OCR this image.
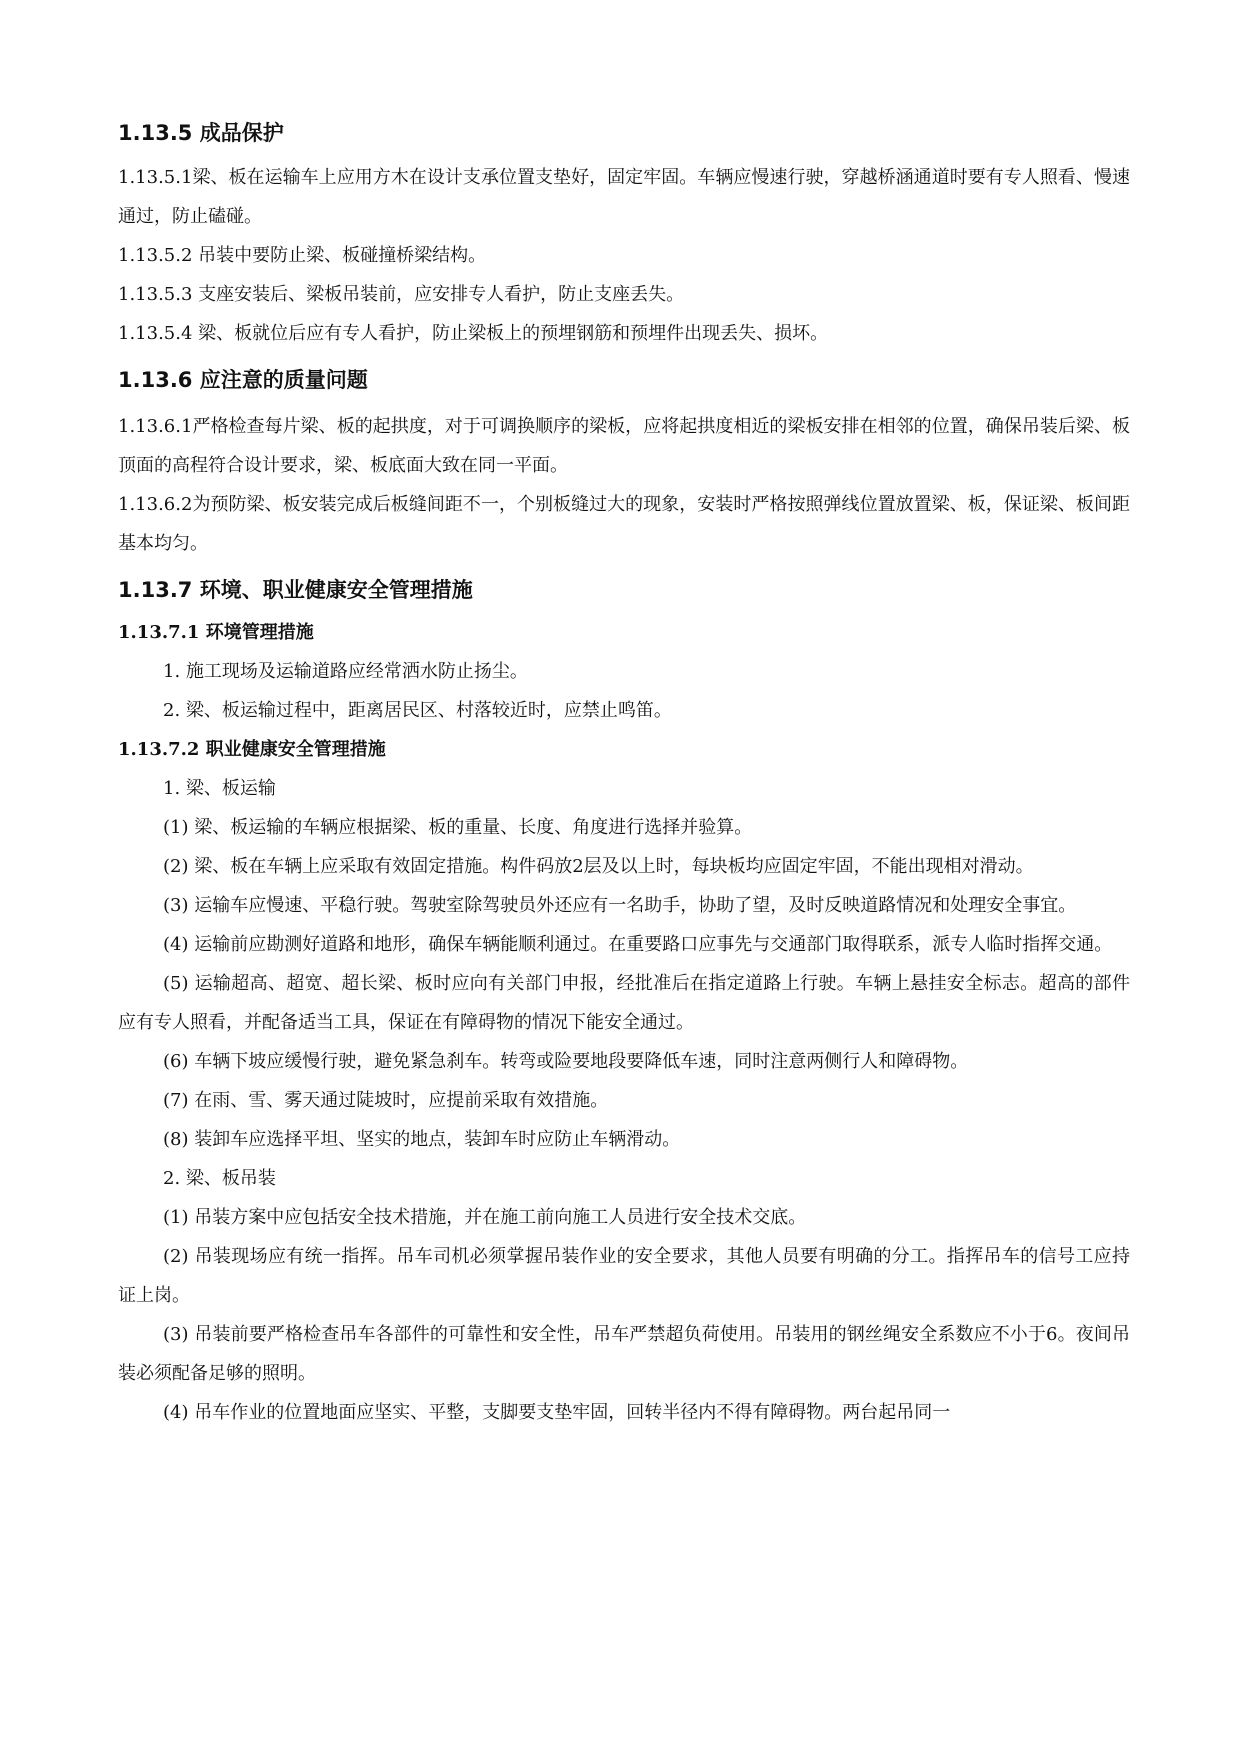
1.13.5 成品保护

1.13.5.1梁、板在运输车上应用方木在设计支承位置支垫好，固定牢固。车辆应慢速行驶，穿越桥涵通道时要有专人照看、慢速通过，防止磕碰。

1.13.5.2 吊装中要防止梁、板碰撞桥梁结构。

1.13.5.3 支座安装后、梁板吊装前，应安排专人看护，防止支座丢失。

1.13.5.4 梁、板就位后应有专人看护，防止梁板上的预埋钢筋和预埋件出现丢失、损坏。

1.13.6 应注意的质量问题

1.13.6.1严格检查每片梁、板的起拱度，对于可调换顺序的梁板，应将起拱度相近的梁板安排在相邻的位置，确保吊装后梁、板顶面的高程符合设计要求，梁、板底面大致在同一平面。

1.13.6.2为预防梁、板安装完成后板缝间距不一，个别板缝过大的现象，安装时严格按照弹线位置放置梁、板，保证梁、板间距基本均匀。

1.13.7 环境、职业健康安全管理措施

1.13.7.1 环境管理措施

1. 施工现场及运输道路应经常洒水防止扬尘。

2. 梁、板运输过程中，距离居民区、村落较近时，应禁止鸣笛。

1.13.7.2 职业健康安全管理措施

1. 梁、板运输

(1) 梁、板运输的车辆应根据梁、板的重量、长度、角度进行选择并验算。

(2) 梁、板在车辆上应采取有效固定措施。构件码放2层及以上时，每块板均应固定牢固，不能出现相对滑动。

(3) 运输车应慢速、平稳行驶。驾驶室除驾驶员外还应有一名助手，协助了望，及时反映道路情况和处理安全事宜。

(4) 运输前应勘测好道路和地形，确保车辆能顺利通过。在重要路口应事先与交通部门取得联系，派专人临时指挥交通。

(5) 运输超高、超宽、超长梁、板时应向有关部门申报，经批准后在指定道路上行驶。车辆上悬挂安全标志。超高的部件应有专人照看，并配备适当工具，保证在有障碍物的情况下能安全通过。

(6) 车辆下坡应缓慢行驶，避免紧急刹车。转弯或险要地段要降低车速，同时注意两侧行人和障碍物。

(7) 在雨、雪、雾天通过陡坡时，应提前采取有效措施。

(8) 装卸车应选择平坦、坚实的地点，装卸车时应防止车辆滑动。

2. 梁、板吊装

(1) 吊装方案中应包括安全技术措施，并在施工前向施工人员进行安全技术交底。

(2) 吊装现场应有统一指挥。吊车司机必须掌握吊装作业的安全要求，其他人员要有明确的分工。指挥吊车的信号工应持证上岗。

(3) 吊装前要严格检查吊车各部件的可靠性和安全性，吊车严禁超负荷使用。吊装用的钢丝绳安全系数应不小于6。夜间吊装必须配备足够的照明。

(4) 吊车作业的位置地面应坚实、平整，支脚要支垫牢固，回转半径内不得有障碍物。两台起吊同一
